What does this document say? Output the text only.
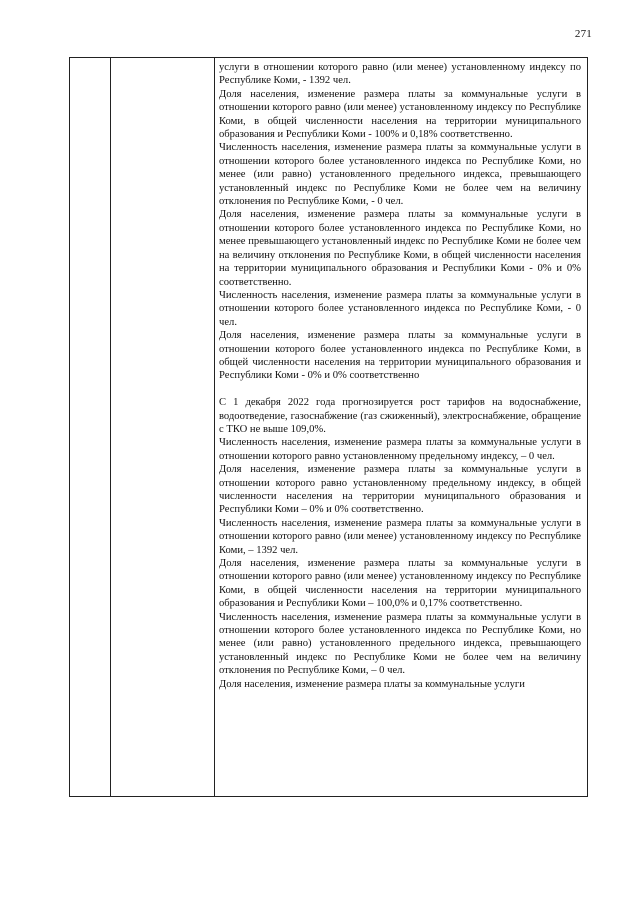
271

услуги в отношении которого равно (или менее) установленному индексу по Республике Коми, - 1392 чел.

Доля населения, изменение размера платы за коммунальные услуги в отношении которого равно (или менее) установленному индексу по Республике Коми, в общей численности населения на территории муниципального образования и Республики Коми - 100% и 0,18% соответственно.

Численность населения, изменение размера платы за коммунальные услуги в отношении которого более установленного индекса по Республике Коми, но менее (или равно) установленного предельного индекса, превышающего установленный индекс по Республике Коми не более чем на величину отклонения по Республике Коми, - 0 чел.

Доля населения, изменение размера платы за коммунальные услуги в отношении которого более установленного индекса по Республике Коми, но менее превышающего установленный индекс по Республике Коми не более чем на величину отклонения по Республике Коми, в общей численности населения на территории муниципального образования и Республики Коми - 0% и 0% соответственно.

Численность населения, изменение размера платы за коммунальные услуги в отношении которого более установленного индекса по Республике Коми, - 0 чел.

Доля населения, изменение размера платы за коммунальные услуги в отношении которого более установленного индекса по Республике Коми, в общей численности населения на территории муниципального образования и Республики Коми - 0% и 0% соответственно

С 1 декабря 2022 года прогнозируется рост тарифов на водоснабжение, водоотведение, газоснабжение (газ сжиженный), электроснабжение, обращение с ТКО не выше 109,0%.

Численность населения, изменение размера платы за коммунальные услуги в отношении которого равно установленному предельному индексу, – 0 чел.

Доля населения, изменение размера платы за коммунальные услуги в отношении которого равно установленному предельному индексу, в общей численности населения на территории муниципального образования и Республики Коми – 0% и 0% соответственно.

Численность населения, изменение размера платы за коммунальные услуги в отношении которого равно (или менее) установленному индексу по Республике Коми, – 1392 чел.

Доля населения, изменение размера платы за коммунальные услуги в отношении которого равно (или менее) установленному индексу по Республике Коми, в общей численности населения на территории муниципального образования и Республики Коми – 100,0% и 0,17% соответственно.

Численность населения, изменение размера платы за коммунальные услуги в отношении которого более установленного индекса по Республике Коми, но менее (или равно) установленного предельного индекса, превышающего установленный индекс по Республике Коми не более чем на величину отклонения по Республике Коми, – 0 чел.

Доля населения, изменение размера платы за коммунальные услуги
